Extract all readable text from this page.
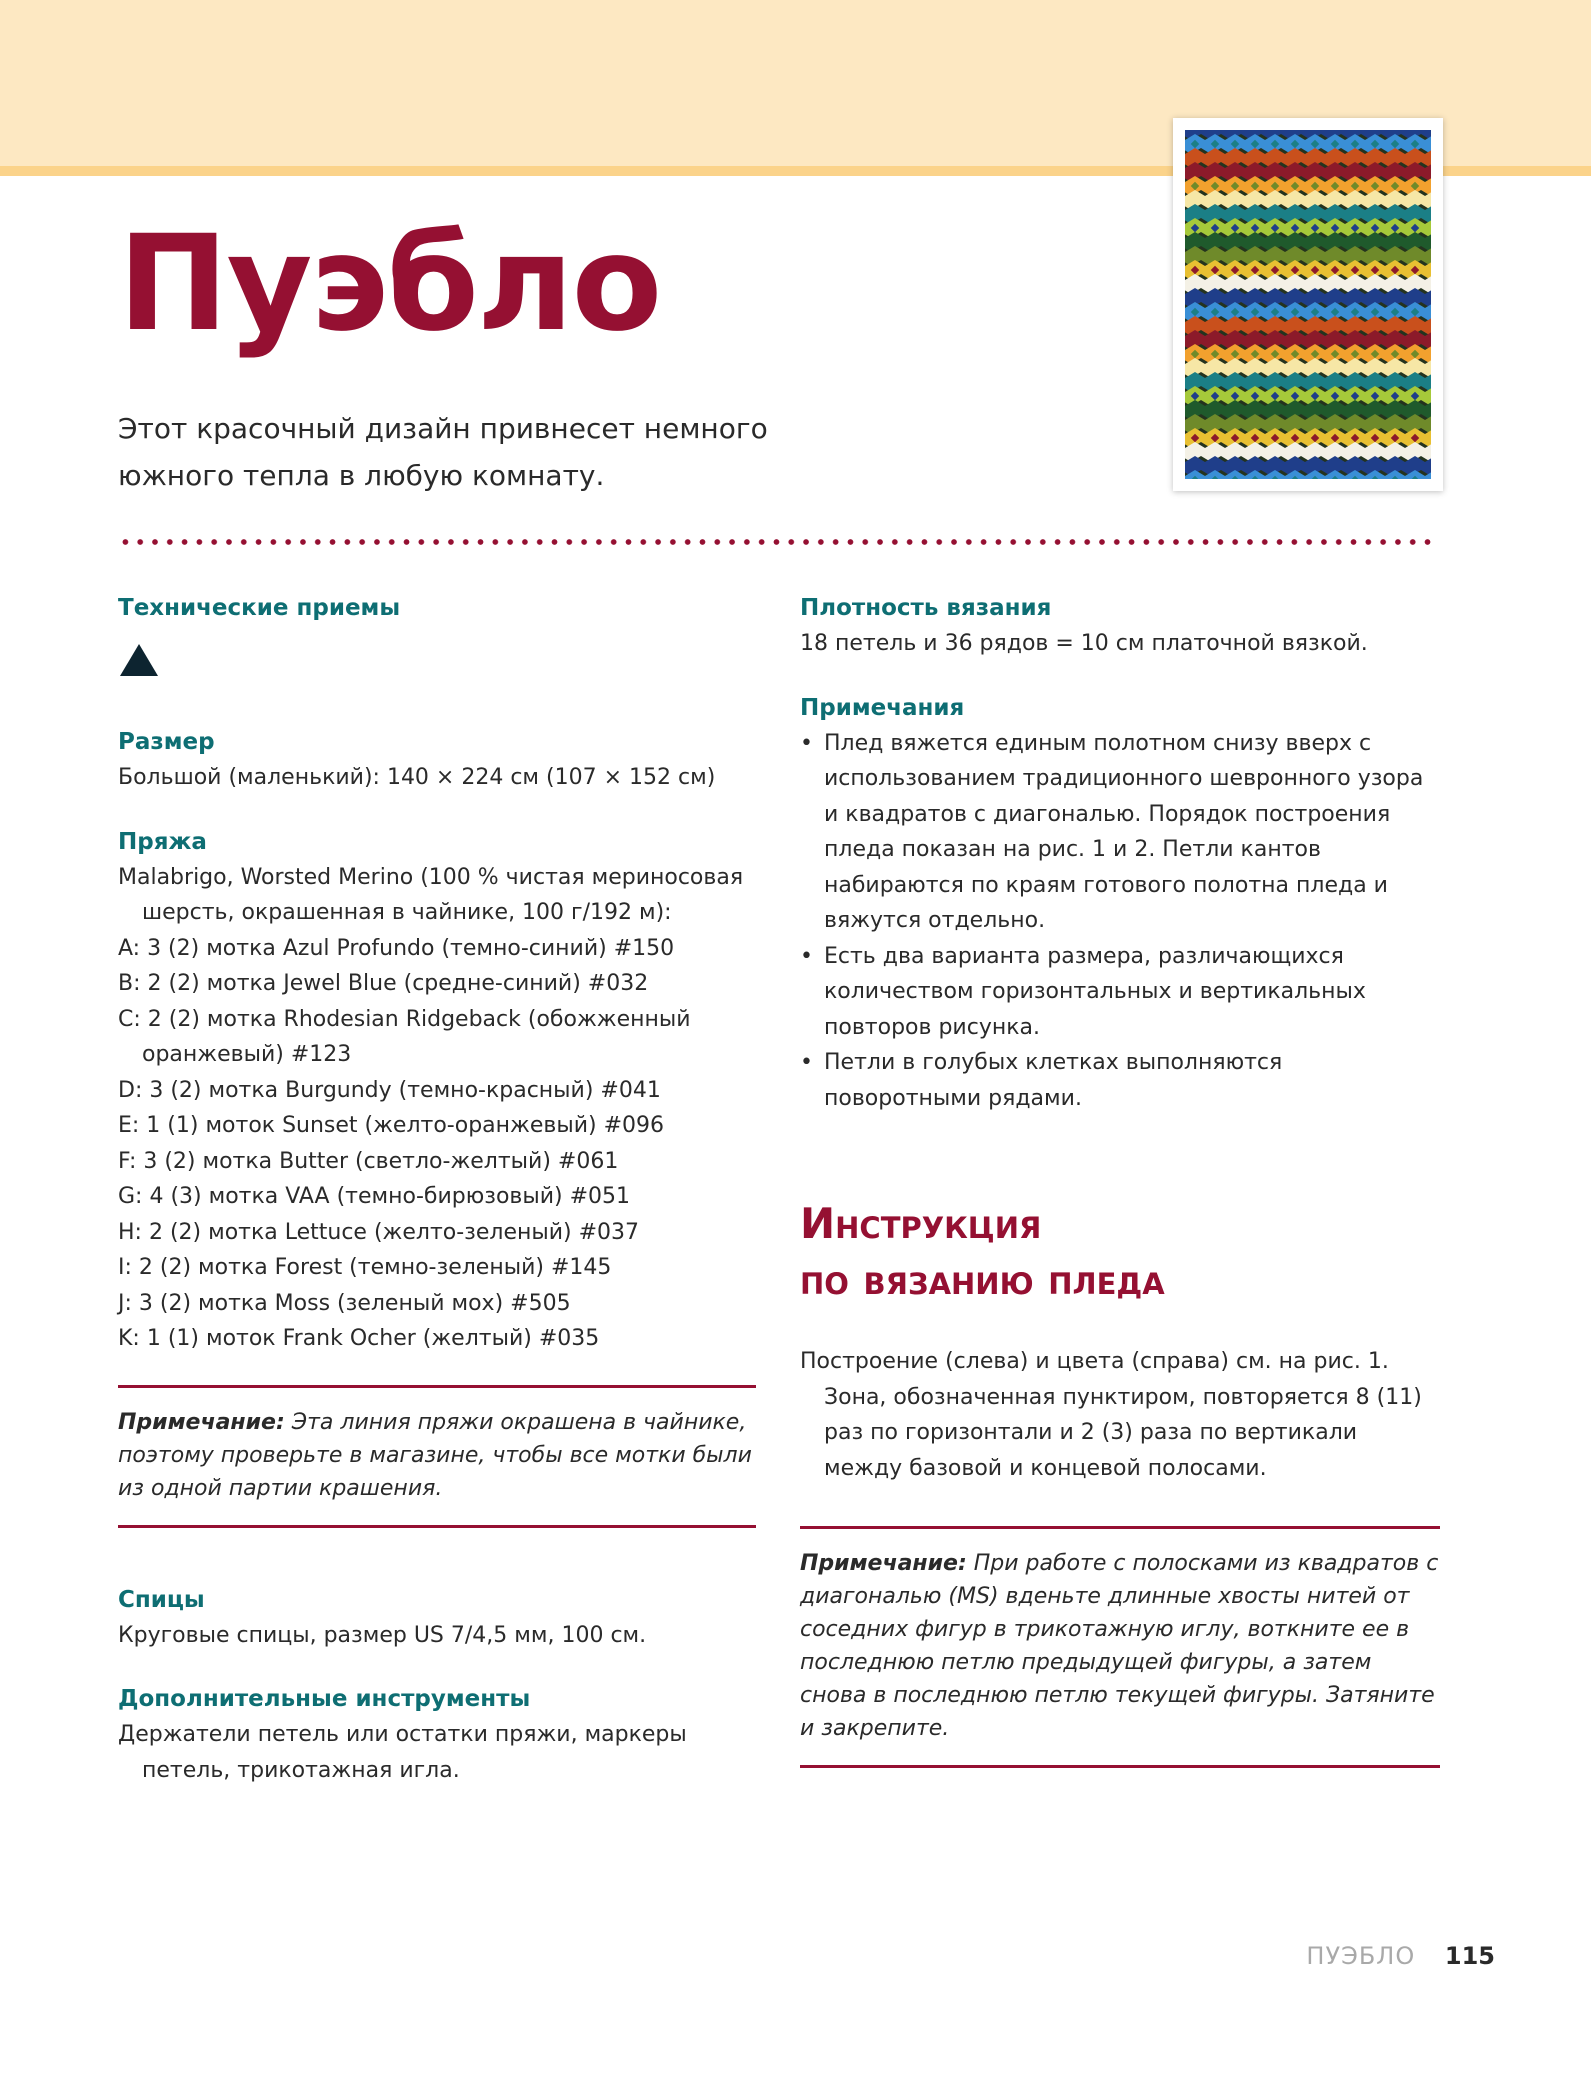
Пуэбло
Этот красочный дизайн привнесет немного южного тепла в любую комнату.
Технические приемы
Размер

Большой (маленький): 140 × 224 см (107 × 152 см)

Пряжа

Malabrigo, Worsted Merino (100 % чистая мериносовая шерсть, окрашенная в чайнике, 100 г/192 м):

A: 3 (2) мотка Azul Profundo (темно-синий) #150

B: 2 (2) мотка Jewel Blue (средне-синий) #032

C: 2 (2) мотка Rhodesian Ridgeback (обожженный оранжевый) #123

D: 3 (2) мотка Burgundy (темно-красный) #041

E: 1 (1) моток Sunset (желто-оранжевый) #096

F: 3 (2) мотка Butter (светло-желтый) #061

G: 4 (3) мотка VAA (темно-бирюзовый) #051

H: 2 (2) мотка Lettuce (желто-зеленый) #037

I: 2 (2) мотка Forest (темно-зеленый) #145

J: 3 (2) мотка Moss (зеленый мох) #505

K: 1 (1) моток Frank Ocher (желтый) #035

Примечание: Эта линия пряжи окрашена в чайнике, поэтому проверьте в магазине, чтобы все мотки были из одной партии крашения.
Спицы

Круговые спицы, размер US 7/4,5 мм, 100 см.

Дополнительные инструменты

Держатели петель или остатки пряжи, маркеры петель, трикотажная игла.

Плотность вязания

18 петель и 36 рядов = 10 см платочной вязкой.

Примечания
• Плед вяжется единым полотном снизу вверх с использованием традиционного шевронного узора и квадратов с диагональю. Порядок построения пледа показан на рис. 1 и 2. Петли кантов набираются по краям готового полотна пледа и вяжутся отдельно.
• Есть два варианта размера, различающихся количеством горизонтальных и вертикальных повторов рисунка.
• Петли в голубых клетках выполняются поворотными рядами.
Инструкция
по вязанию пледа

Построение (слева) и цвета (справа) см. на рис. 1. Зона, обозначенная пунктиром, повторяется 8 (11) раз по горизонтали и 2 (3) раза по вертикали между базовой и концевой полосами.

Примечание: При работе с полосками из квадратов с диагональю (MS) вденьте длинные хвосты нитей от соседних фигур в трикотажную иглу, воткните ее в последнюю петлю предыдущей фигуры, а затем снова в последнюю петлю текущей фигуры. Затяните и закрепите.
ПУЭБЛО 115
